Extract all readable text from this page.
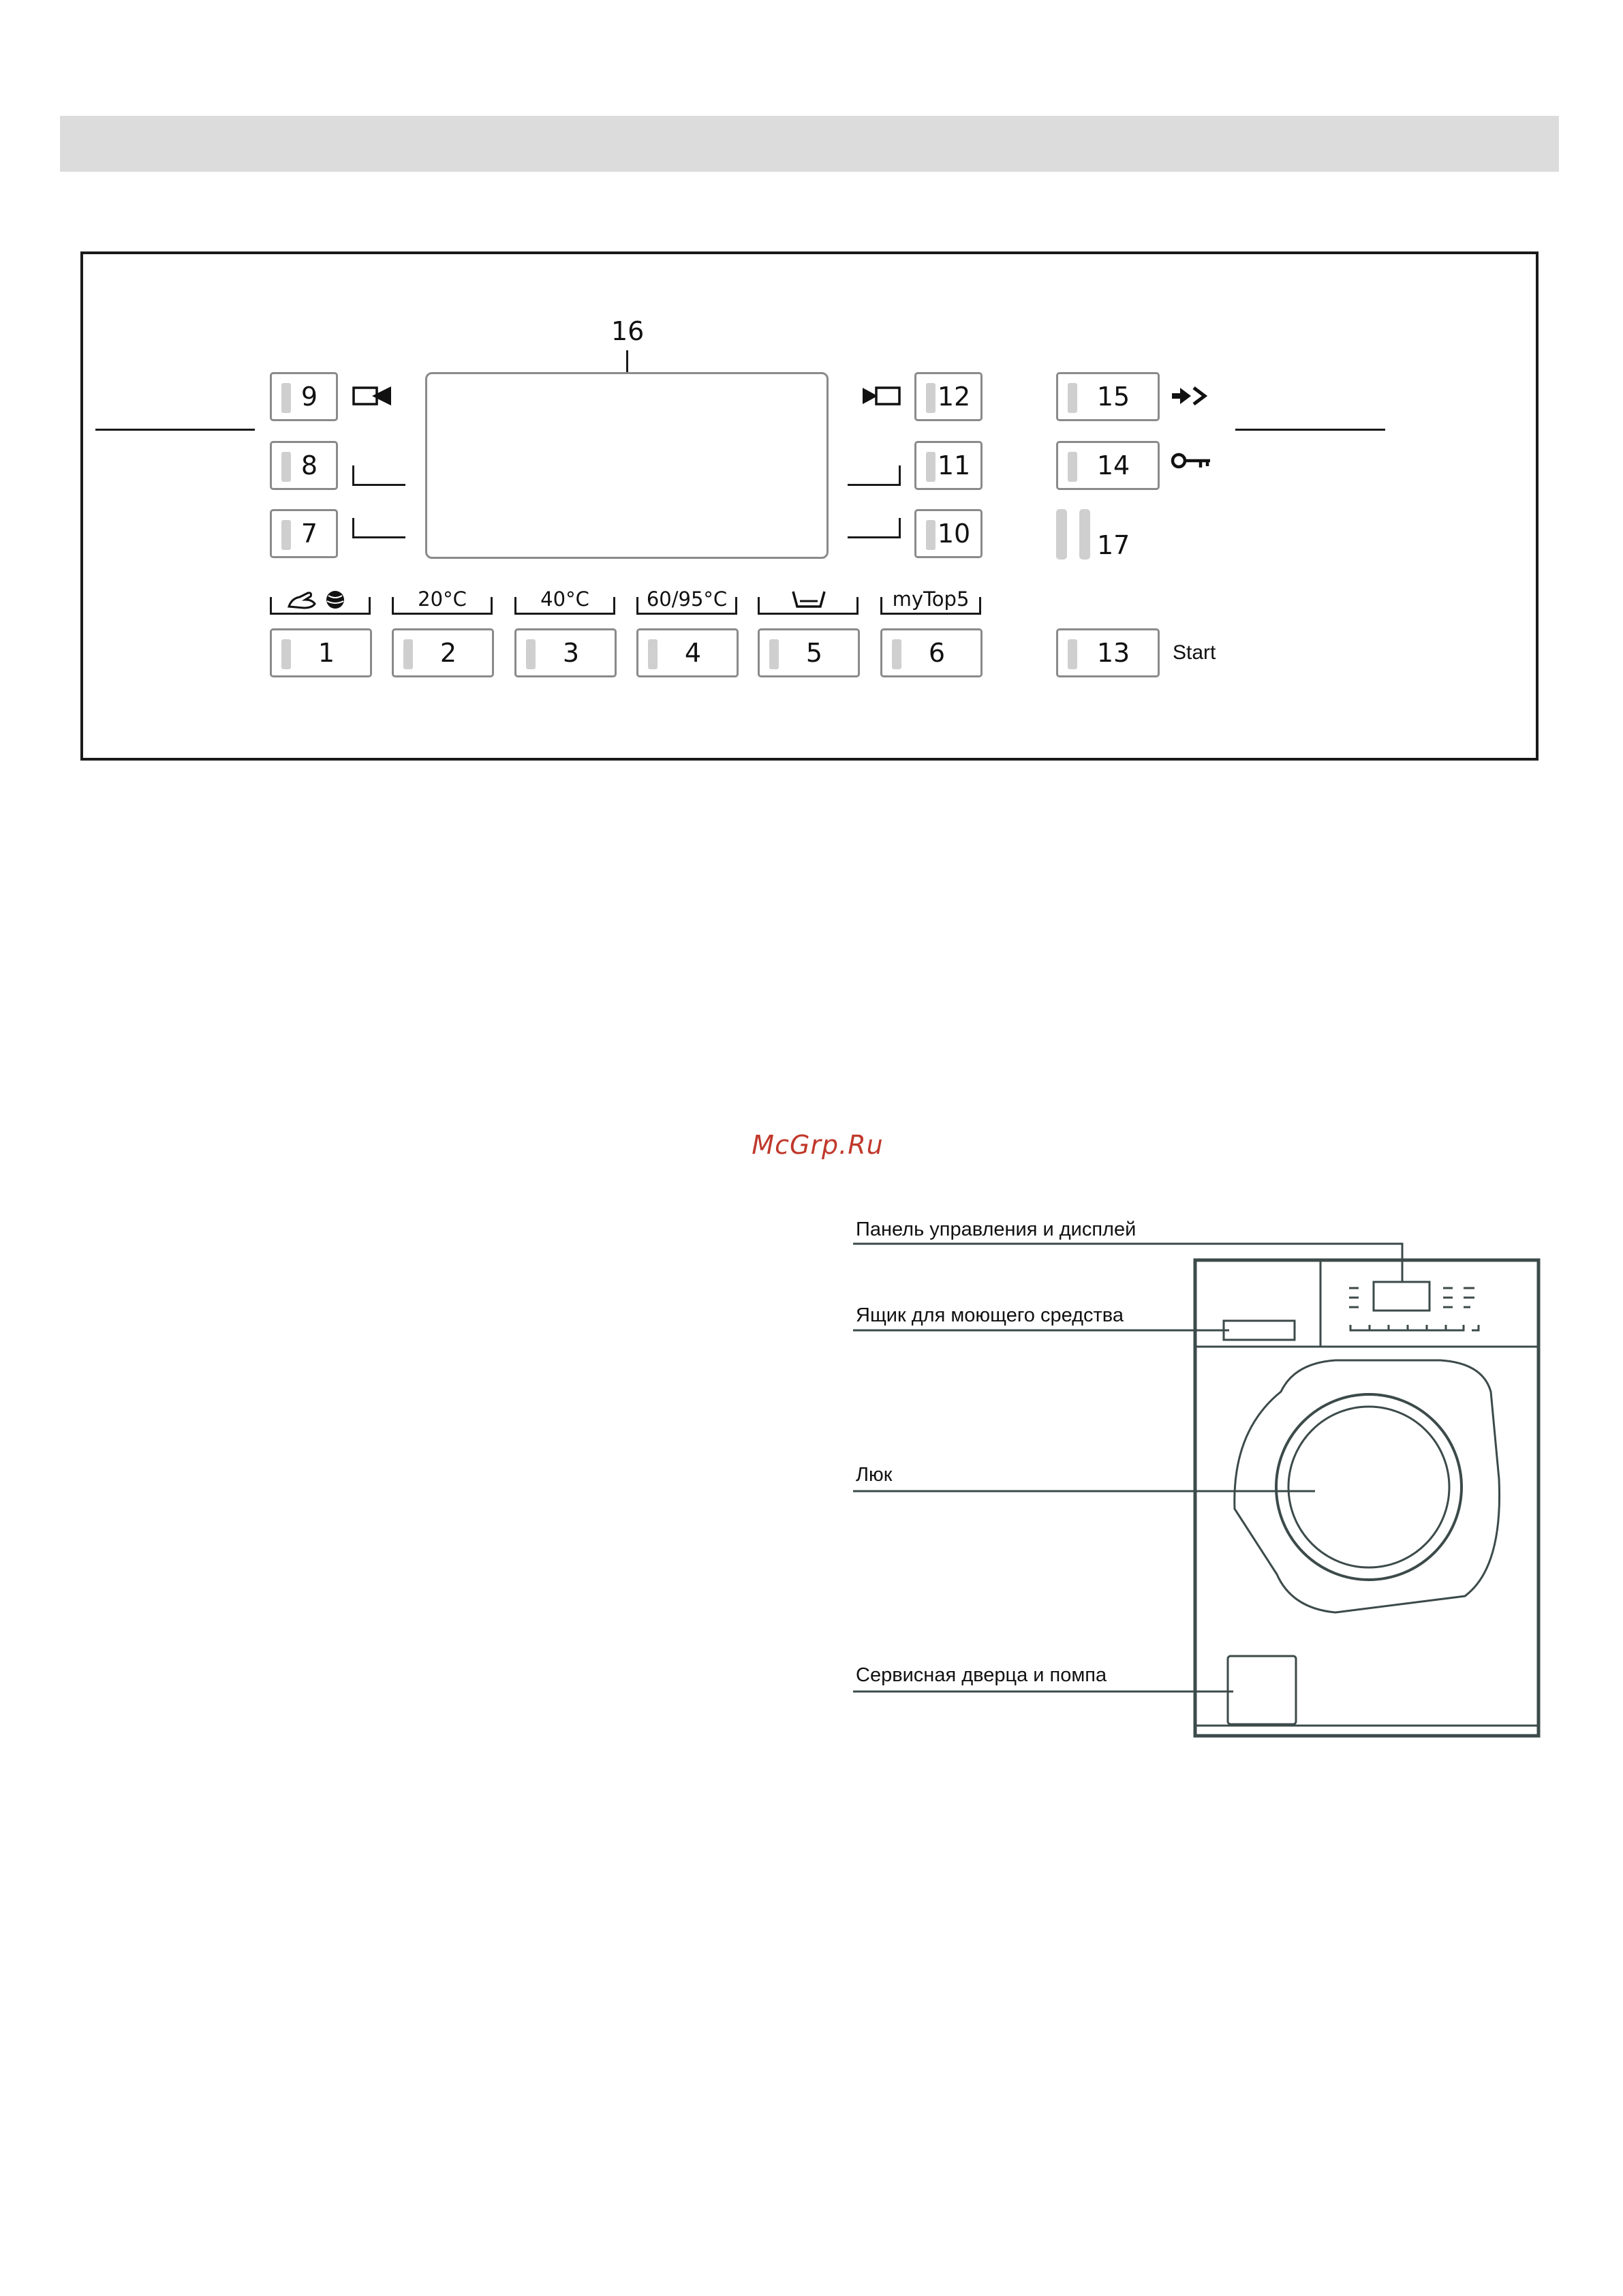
16
9
8
7
12
11
10
15
14
17
20°C	40°C	60/95°C	myTop5
1	2	3	4	5	6	13	Start
McGrp.Ru
Панель управления и дисплей
Ящик для моющего средства
Люк
Сервисная дверца и помпа
